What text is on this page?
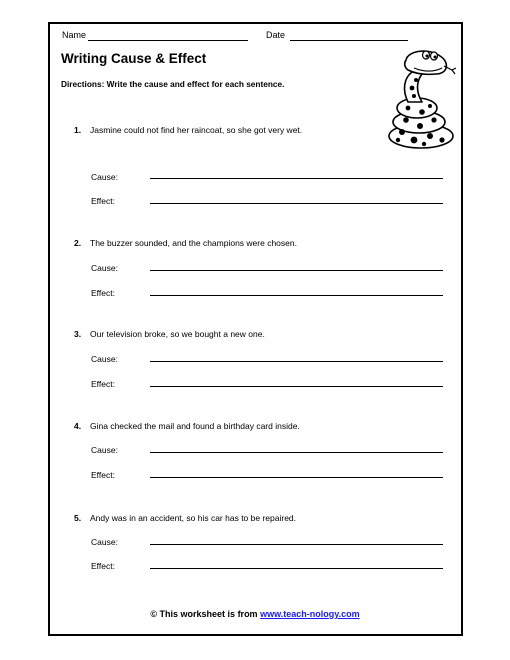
Name	Date
Writing Cause & Effect
Directions: Write the cause and effect for each sentence.
1. Jasmine could not find her raincoat, so she got very wet.
Cause:
Effect:
2. The buzzer sounded, and the champions were chosen.
Cause:
Effect:
3. Our television broke, so we bought a new one.
Cause:
Effect:
4. Gina checked the mail and found a birthday card inside.
Cause:
Effect:
5. Andy was in an accident, so his car has to be repaired.
Cause:
Effect:
© This worksheet is from www.teach-nology.com
